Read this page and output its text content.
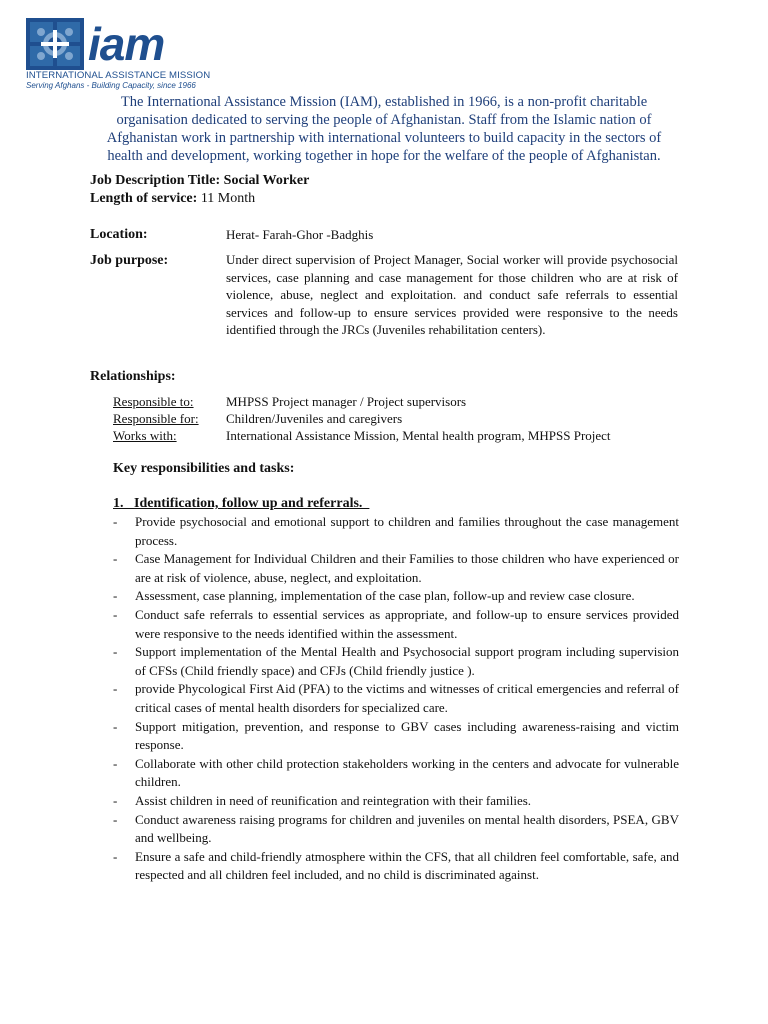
iam
INTERNATIONAL ASSISTANCE MISSION
Serving Afghans - Building Capacity, since 1966

The International Assistance Mission (IAM), established in 1966, is a non-profit charitable organisation dedicated to serving the people of Afghanistan. Staff from the Islamic nation of Afghanistan work in partnership with international volunteers to build capacity in the sectors of health and development, working together in hope for the welfare of the people of Afghanistan.

Job Description Title: Social Worker

Length of service: 11 Month

Location:	Herat- Farah-Ghor -Badghis
Job purpose:	Under direct supervision of Project Manager, Social worker will provide psychosocial services, case planning and case management for those children who are at risk of violence, abuse, neglect and exploitation. and conduct safe referrals to essential services and follow-up to ensure services provided were responsive to the needs identified through the JRCs (Juveniles rehabilitation centers).

Relationships:
Responsible to: MHPSS Project manager / Project supervisors
Responsible for: Children/Juveniles and caregivers
Works with:	International Assistance Mission, Mental health program, MHPSS Project
Key responsibilities and tasks:
1.   Identification, follow up and referrals.
- Provide psychosocial and emotional support to children and families throughout the case management process.
- Case Management for Individual Children and their Families to those children who have experienced or are at risk of violence, abuse, neglect, and exploitation.
- Assessment, case planning, implementation of the case plan, follow-up and review case closure.
- Conduct safe referrals to essential services as appropriate, and follow-up to ensure services provided were responsive to the needs identified within the assessment.
- Support implementation of the Mental Health and Psychosocial support program including supervision of CFSs (Child friendly space) and CFJs (Child friendly justice ).
- provide Phycological First Aid (PFA) to the victims and witnesses of critical emergencies and referral of critical cases of mental health disorders for specialized care.
- Support mitigation, prevention, and response to GBV cases including awareness-raising and victim response.
- Collaborate with other child protection stakeholders working in the centers and advocate for vulnerable children.
- Assist children in need of reunification and reintegration with their families.
- Conduct awareness raising programs for children and juveniles on mental health disorders, PSEA, GBV and wellbeing.
- Ensure a safe and child-friendly atmosphere within the CFS, that all children feel comfortable, safe, and respected and all children feel included, and no child is discriminated against.
